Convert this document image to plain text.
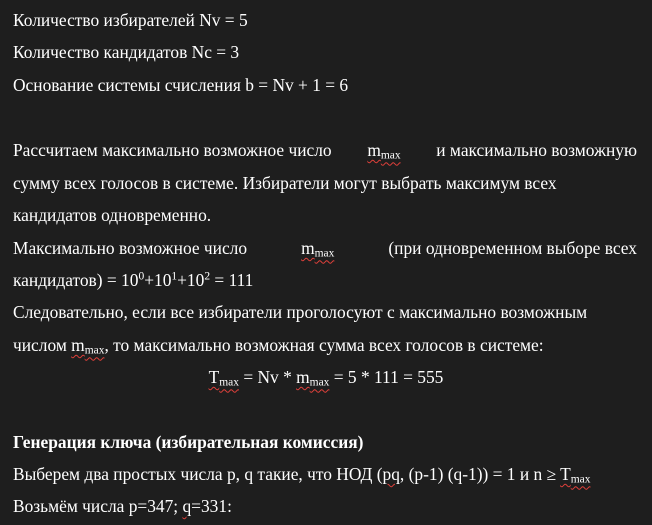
Количество избирателей Nv = 5
Количество кандидатов Nc = 3
Основание системы счисления b = Nv + 1 = 6
Рассчитаем максимально возможное число $m_{max}$ и максимально возможную
сумму всех голосов в системе. Избиратели могут выбрать максимум всех
кандидатов одновременно.
Максимально возможное число	$m_{max}$	(при одновременном выборе всех
кандидатов) = $10^0+10^1+10^2 = 111$
Следовательно, если все избиратели проголосуют с максимально возможным
числом $m_{max}$, то максимально возможная сумма всех голосов в системе:
$T_{max} = Nv * m_{max} = 5 * 111 = 555$
Генерация ключа (избирательная комиссия)
Выберем два простых числа p, q такие, что НОД (pq, (p-1) (q-1)) = 1 и $n \ge T_{max}$
Возьмём числа p=347; q=331:
